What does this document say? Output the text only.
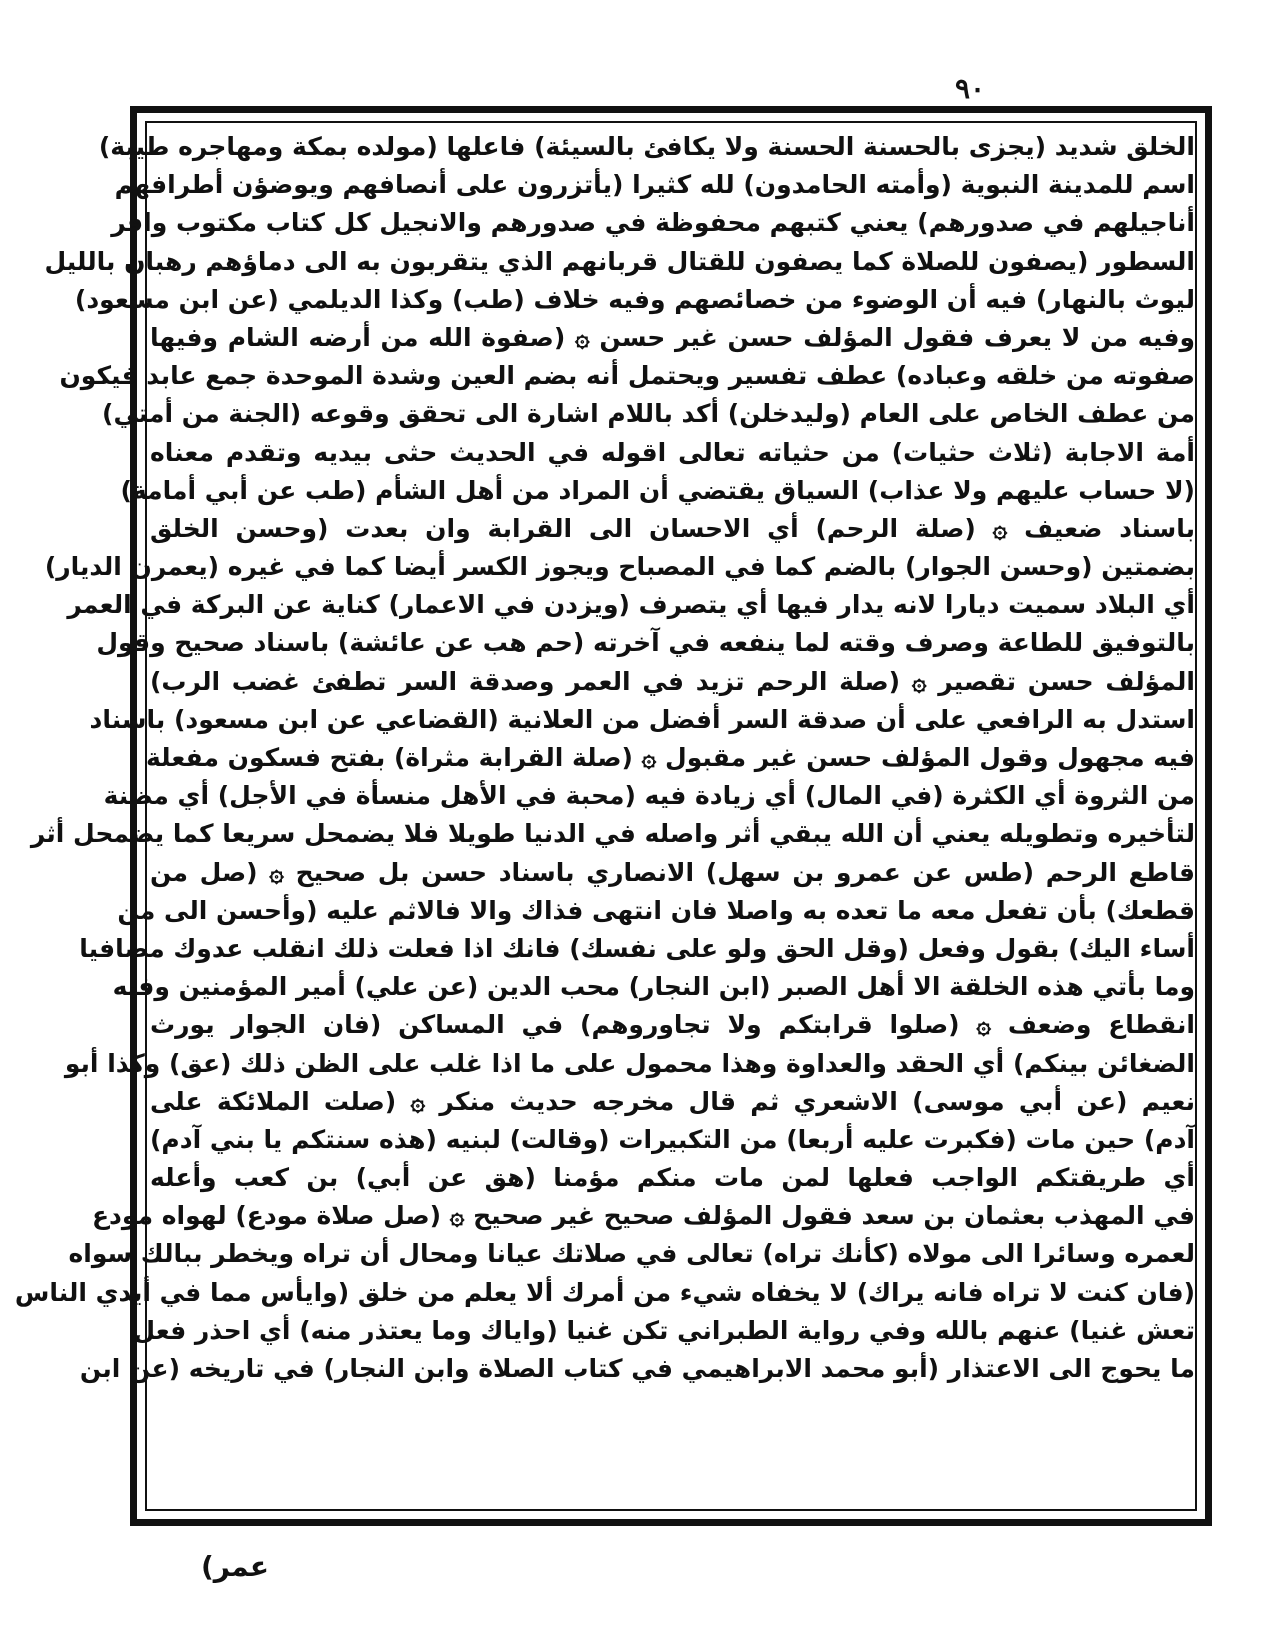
٩٠
الخلق شديد (يجزى بالحسنة الحسنة ولا يكافئ بالسيئة) فاعلها (مولده بمكة ومهاجره طيبة)
اسم للمدينة النبوية (وأمته الحامدون) لله كثيرا (يأتزرون على أنصافهم ويوضؤن أطرافهم
أناجيلهم في صدورهم) يعني كتبهم محفوظة في صدورهم والانجيل كل كتاب مكتوب وافر
السطور (يصفون للصلاة كما يصفون للقتال قربانهم الذي يتقربون به الى دماؤهم رهبان بالليل
ليوث بالنهار) فيه أن الوضوء من خصائصهم وفيه خلاف (طب) وكذا الديلمي (عن ابن مسعود)
وفيه من لا يعرف فقول المؤلف حسن غير حسن ۞ (صفوة الله من أرضه الشام وفيها
صفوته من خلقه وعباده) عطف تفسير ويحتمل أنه بضم العين وشدة الموحدة جمع عابد فيكون
من عطف الخاص على العام (وليدخلن) أكد باللام اشارة الى تحقق وقوعه (الجنة من أمتي)
أمة الاجابة (ثلاث حثيات) من حثياته تعالى اقوله في الحديث حثى بيديه وتقدم معناه
(لا حساب عليهم ولا عذاب) السياق يقتضي أن المراد من أهل الشأم (طب عن أبي أمامة)
باسناد ضعيف ۞ (صلة الرحم) أي الاحسان الى القرابة وان بعدت (وحسن الخلق
بضمتين (وحسن الجوار) بالضم كما في المصباح ويجوز الكسر أيضا كما في غيره (يعمرن الديار)
أي البلاد سميت ديارا لانه يدار فيها أي يتصرف (ويزدن في الاعمار) كناية عن البركة في العمر
بالتوفيق للطاعة وصرف وقته لما ينفعه في آخرته (حم هب عن عائشة) باسناد صحيح وقول
المؤلف حسن تقصير ۞ (صلة الرحم تزيد في العمر وصدقة السر تطفئ غضب الرب)
استدل به الرافعي على أن صدقة السر أفضل من العلانية (القضاعي عن ابن مسعود) باسناد
فيه مجهول وقول المؤلف حسن غير مقبول ۞ (صلة القرابة مثراة) بفتح فسكون مفعلة
من الثروة أي الكثرة (في المال) أي زيادة فيه (محبة في الأهل منسأة في الأجل) أي مظنة
لتأخيره وتطويله يعني أن الله يبقي أثر واصله في الدنيا طويلا فلا يضمحل سريعا كما يضمحل أثر
قاطع الرحم (طس عن عمرو بن سهل) الانصاري باسناد حسن بل صحيح ۞ (صل من
قطعك) بأن تفعل معه ما تعده به واصلا فان انتهى فذاك والا فالاثم عليه (وأحسن الى من
أساء اليك) بقول وفعل (وقل الحق ولو على نفسك) فانك اذا فعلت ذلك انقلب عدوك مصافيا
وما بأتي هذه الخلقة الا أهل الصبر (ابن النجار) محب الدين (عن علي) أمير المؤمنين وفيه
انقطاع وضعف ۞ (صلوا قرابتكم ولا تجاوروهم) في المساكن (فان الجوار يورث
الضغائن بينكم) أي الحقد والعداوة وهذا محمول على ما اذا غلب على الظن ذلك (عق) وكذا أبو
نعيم (عن أبي موسى) الاشعري ثم قال مخرجه حديث منكر ۞ (صلت الملائكة على
آدم) حين مات (فكبرت عليه أربعا) من التكبيرات (وقالت) لبنيه (هذه سنتكم يا بني آدم)
أي طريقتكم الواجب فعلها لمن مات منكم مؤمنا (هق عن أبي) بن كعب وأعله
في المهذب بعثمان بن سعد فقول المؤلف صحيح غير صحيح ۞ (صل صلاة مودع) لهواه مودع
لعمره وسائرا الى مولاه (كأنك تراه) تعالى في صلاتك عيانا ومحال أن تراه ويخطر ببالك سواه
(فان كنت لا تراه فانه يراك) لا يخفاه شيء من أمرك ألا يعلم من خلق (وايأس مما في أيدي الناس
تعش غنيا) عنهم بالله وفي رواية الطبراني تكن غنيا (واياك وما يعتذر منه) أي احذر فعل
ما يحوج الى الاعتذار (أبو محمد الابراهيمي في كتاب الصلاة وابن النجار) في تاريخه (عن ابن
عمر)
